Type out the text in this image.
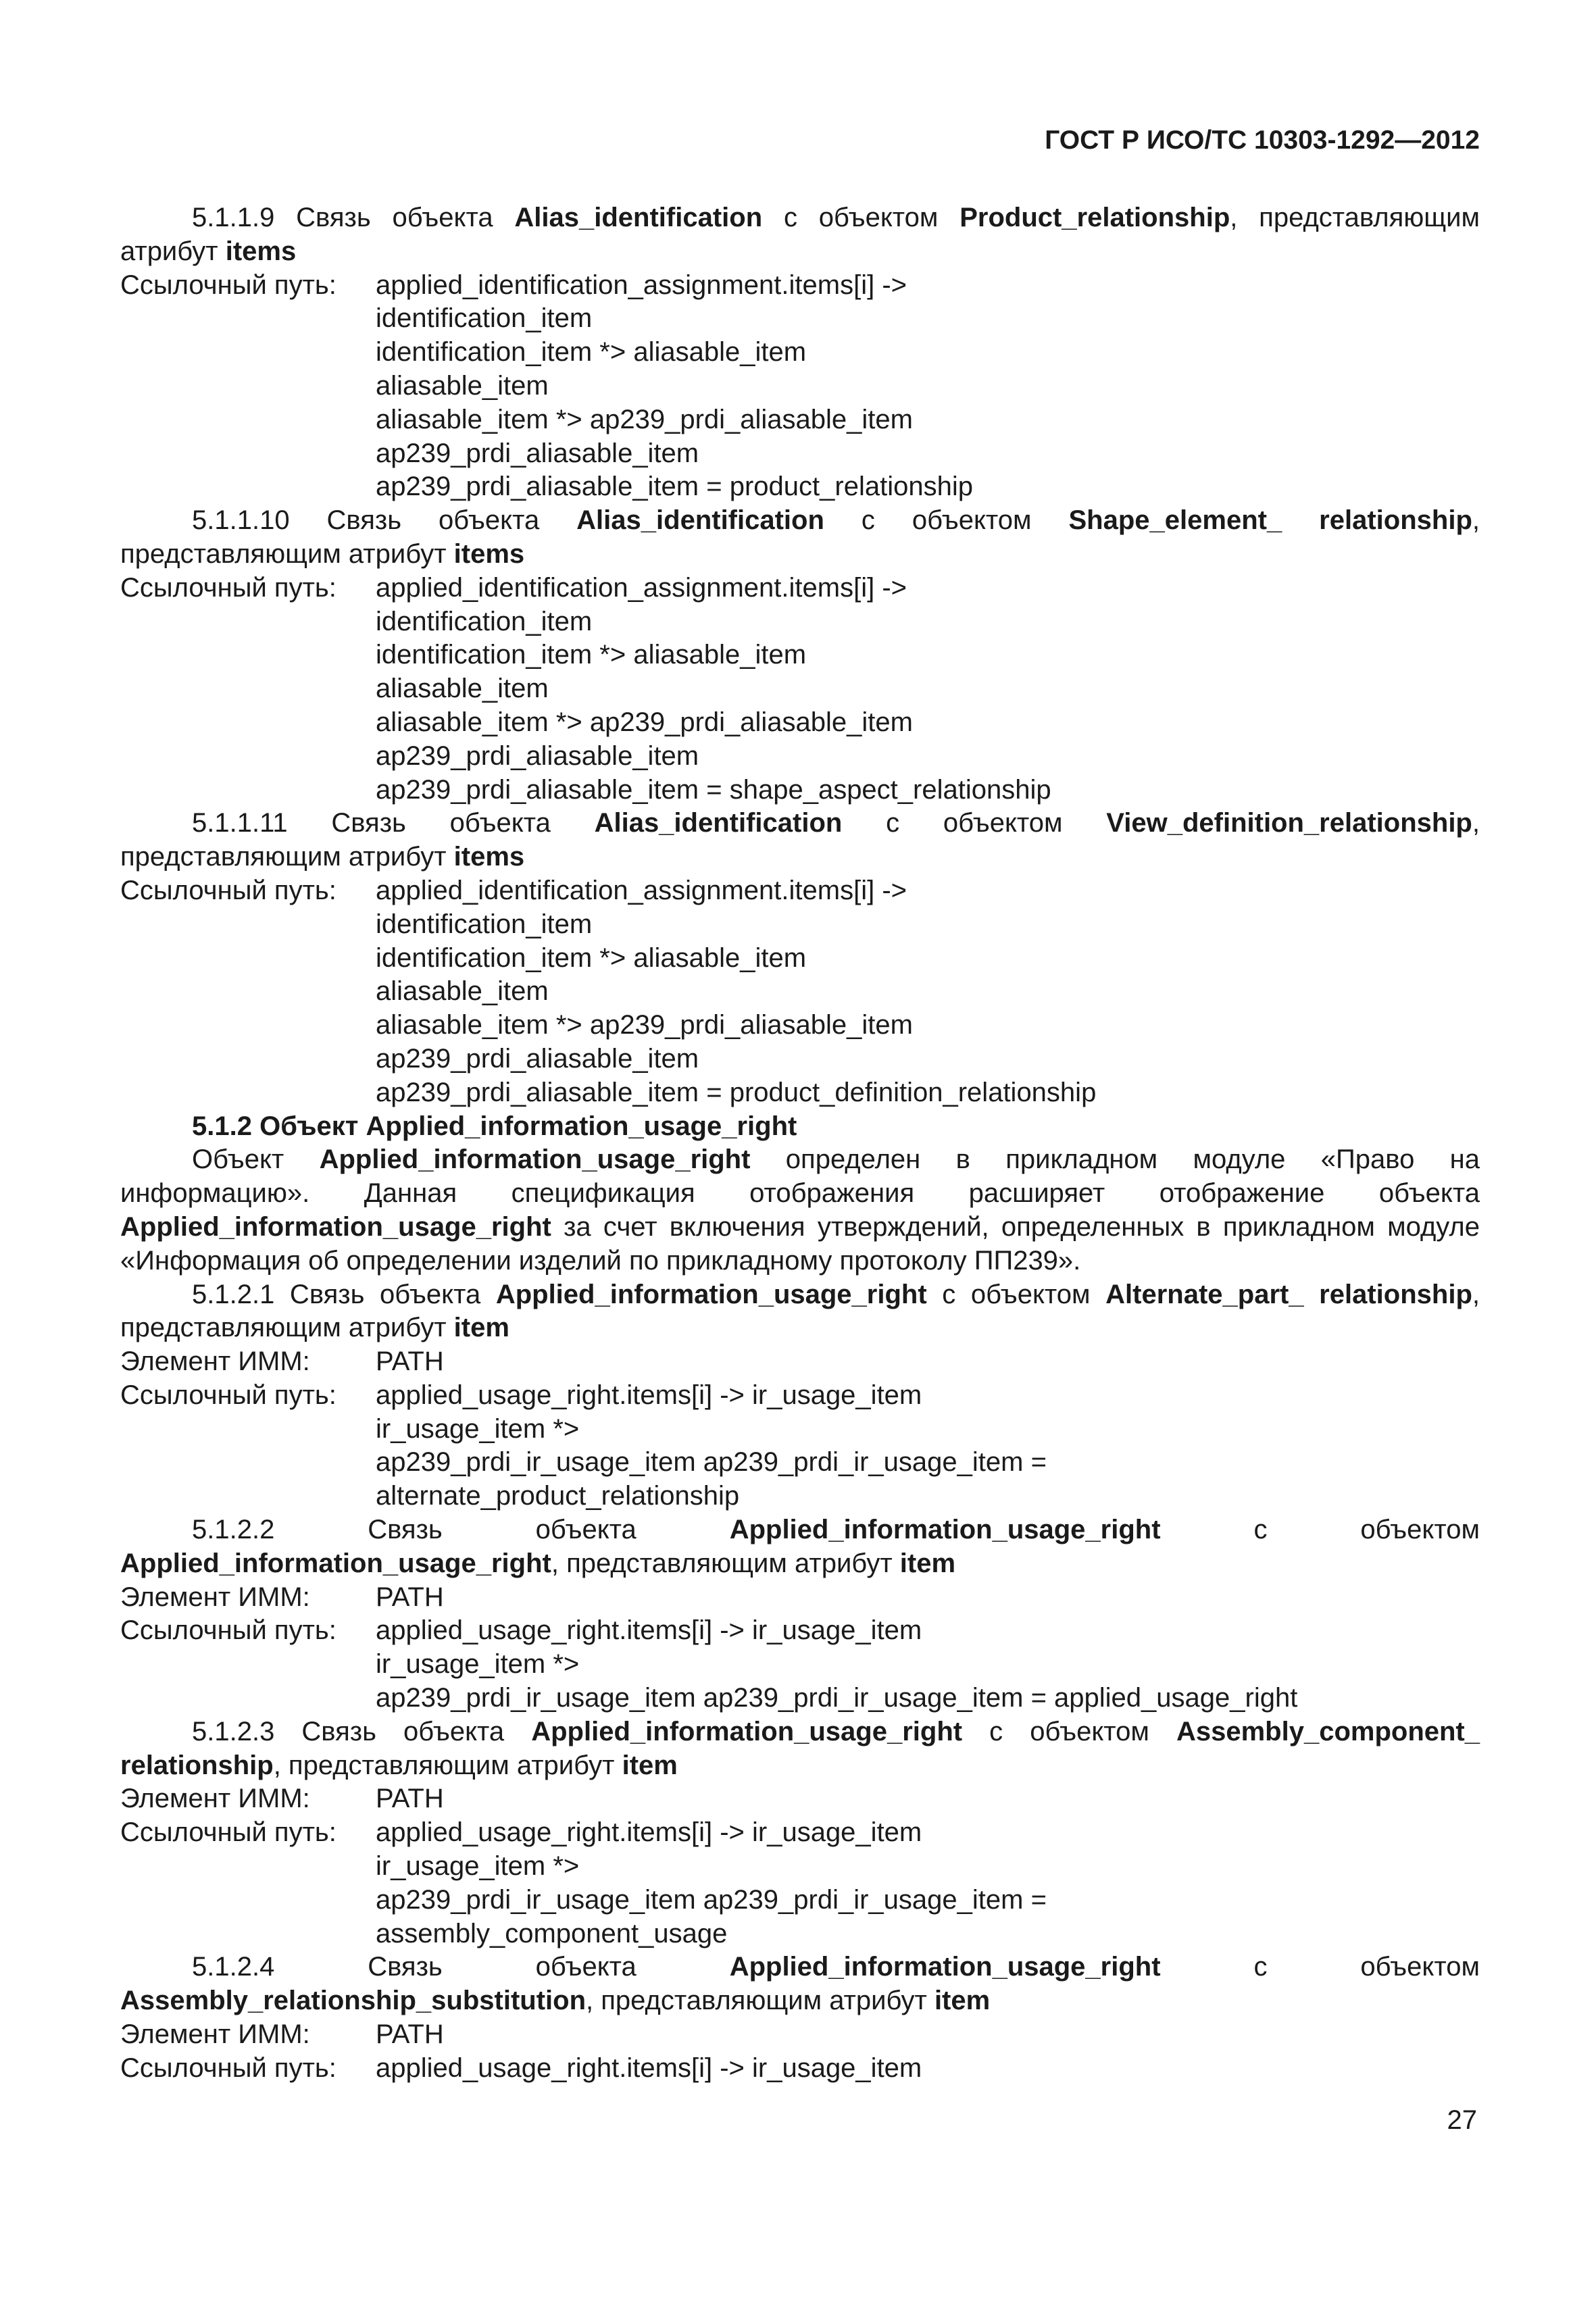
ГОСТ Р ИСО/ТС 10303-1292—2012
5.1.1.9 Связь объекта Alias_identification с объектом Product_relationship, представляющим атрибут items
Ссылочный путь:	applied_identification_assignment.items[i] ->
identification_item
identification_item *> aliasable_item
aliasable_item
aliasable_item *> ap239_prdi_aliasable_item
ap239_prdi_aliasable_item
ap239_prdi_aliasable_item = product_relationship
5.1.1.10 Связь объекта Alias_identification с объектом Shape_element_ relationship, представляющим атрибут items
Ссылочный путь:	applied_identification_assignment.items[i] ->
identification_item
identification_item *> aliasable_item
aliasable_item
aliasable_item *> ap239_prdi_aliasable_item
ap239_prdi_aliasable_item
ap239_prdi_aliasable_item = shape_aspect_relationship
5.1.1.11 Связь объекта Alias_identification с объектом View_definition_relationship, представляющим атрибут items
Ссылочный путь:	applied_identification_assignment.items[i] ->
identification_item
identification_item *> aliasable_item
aliasable_item
aliasable_item *> ap239_prdi_aliasable_item
ap239_prdi_aliasable_item
ap239_prdi_aliasable_item = product_definition_relationship
5.1.2 Объект Applied_information_usage_right
Объект Applied_information_usage_right определен в прикладном модуле «Право на информацию». Данная спецификация отображения расширяет отображение объекта Applied_information_usage_right за счет включения утверждений, определенных в прикладном модуле «Информация об определении изделий по прикладному протоколу ПП239».
5.1.2.1 Связь объекта Applied_information_usage_right с объектом Alternate_part_ relationship, представляющим атрибут item
Элемент ИММ:	PATH
Ссылочный путь:	applied_usage_right.items[i] -> ir_usage_item
ir_usage_item *>
ap239_prdi_ir_usage_item ap239_prdi_ir_usage_item =
alternate_product_relationship
5.1.2.2 Связь объекта Applied_information_usage_right с объектом Applied_information_usage_right, представляющим атрибут item
Элемент ИММ:	PATH
Ссылочный путь:	applied_usage_right.items[i] -> ir_usage_item
ir_usage_item *>
ap239_prdi_ir_usage_item ap239_prdi_ir_usage_item = applied_usage_right
5.1.2.3 Связь объекта Applied_information_usage_right с объектом Assembly_component_ relationship, представляющим атрибут item
Элемент ИММ:	PATH
Ссылочный путь:	applied_usage_right.items[i] -> ir_usage_item
ir_usage_item *>
ap239_prdi_ir_usage_item ap239_prdi_ir_usage_item =
assembly_component_usage
5.1.2.4 Связь объекта Applied_information_usage_right с объектом Assembly_relationship_substitution, представляющим атрибут item
Элемент ИММ:	PATH
Ссылочный путь:	applied_usage_right.items[i] -> ir_usage_item
27
